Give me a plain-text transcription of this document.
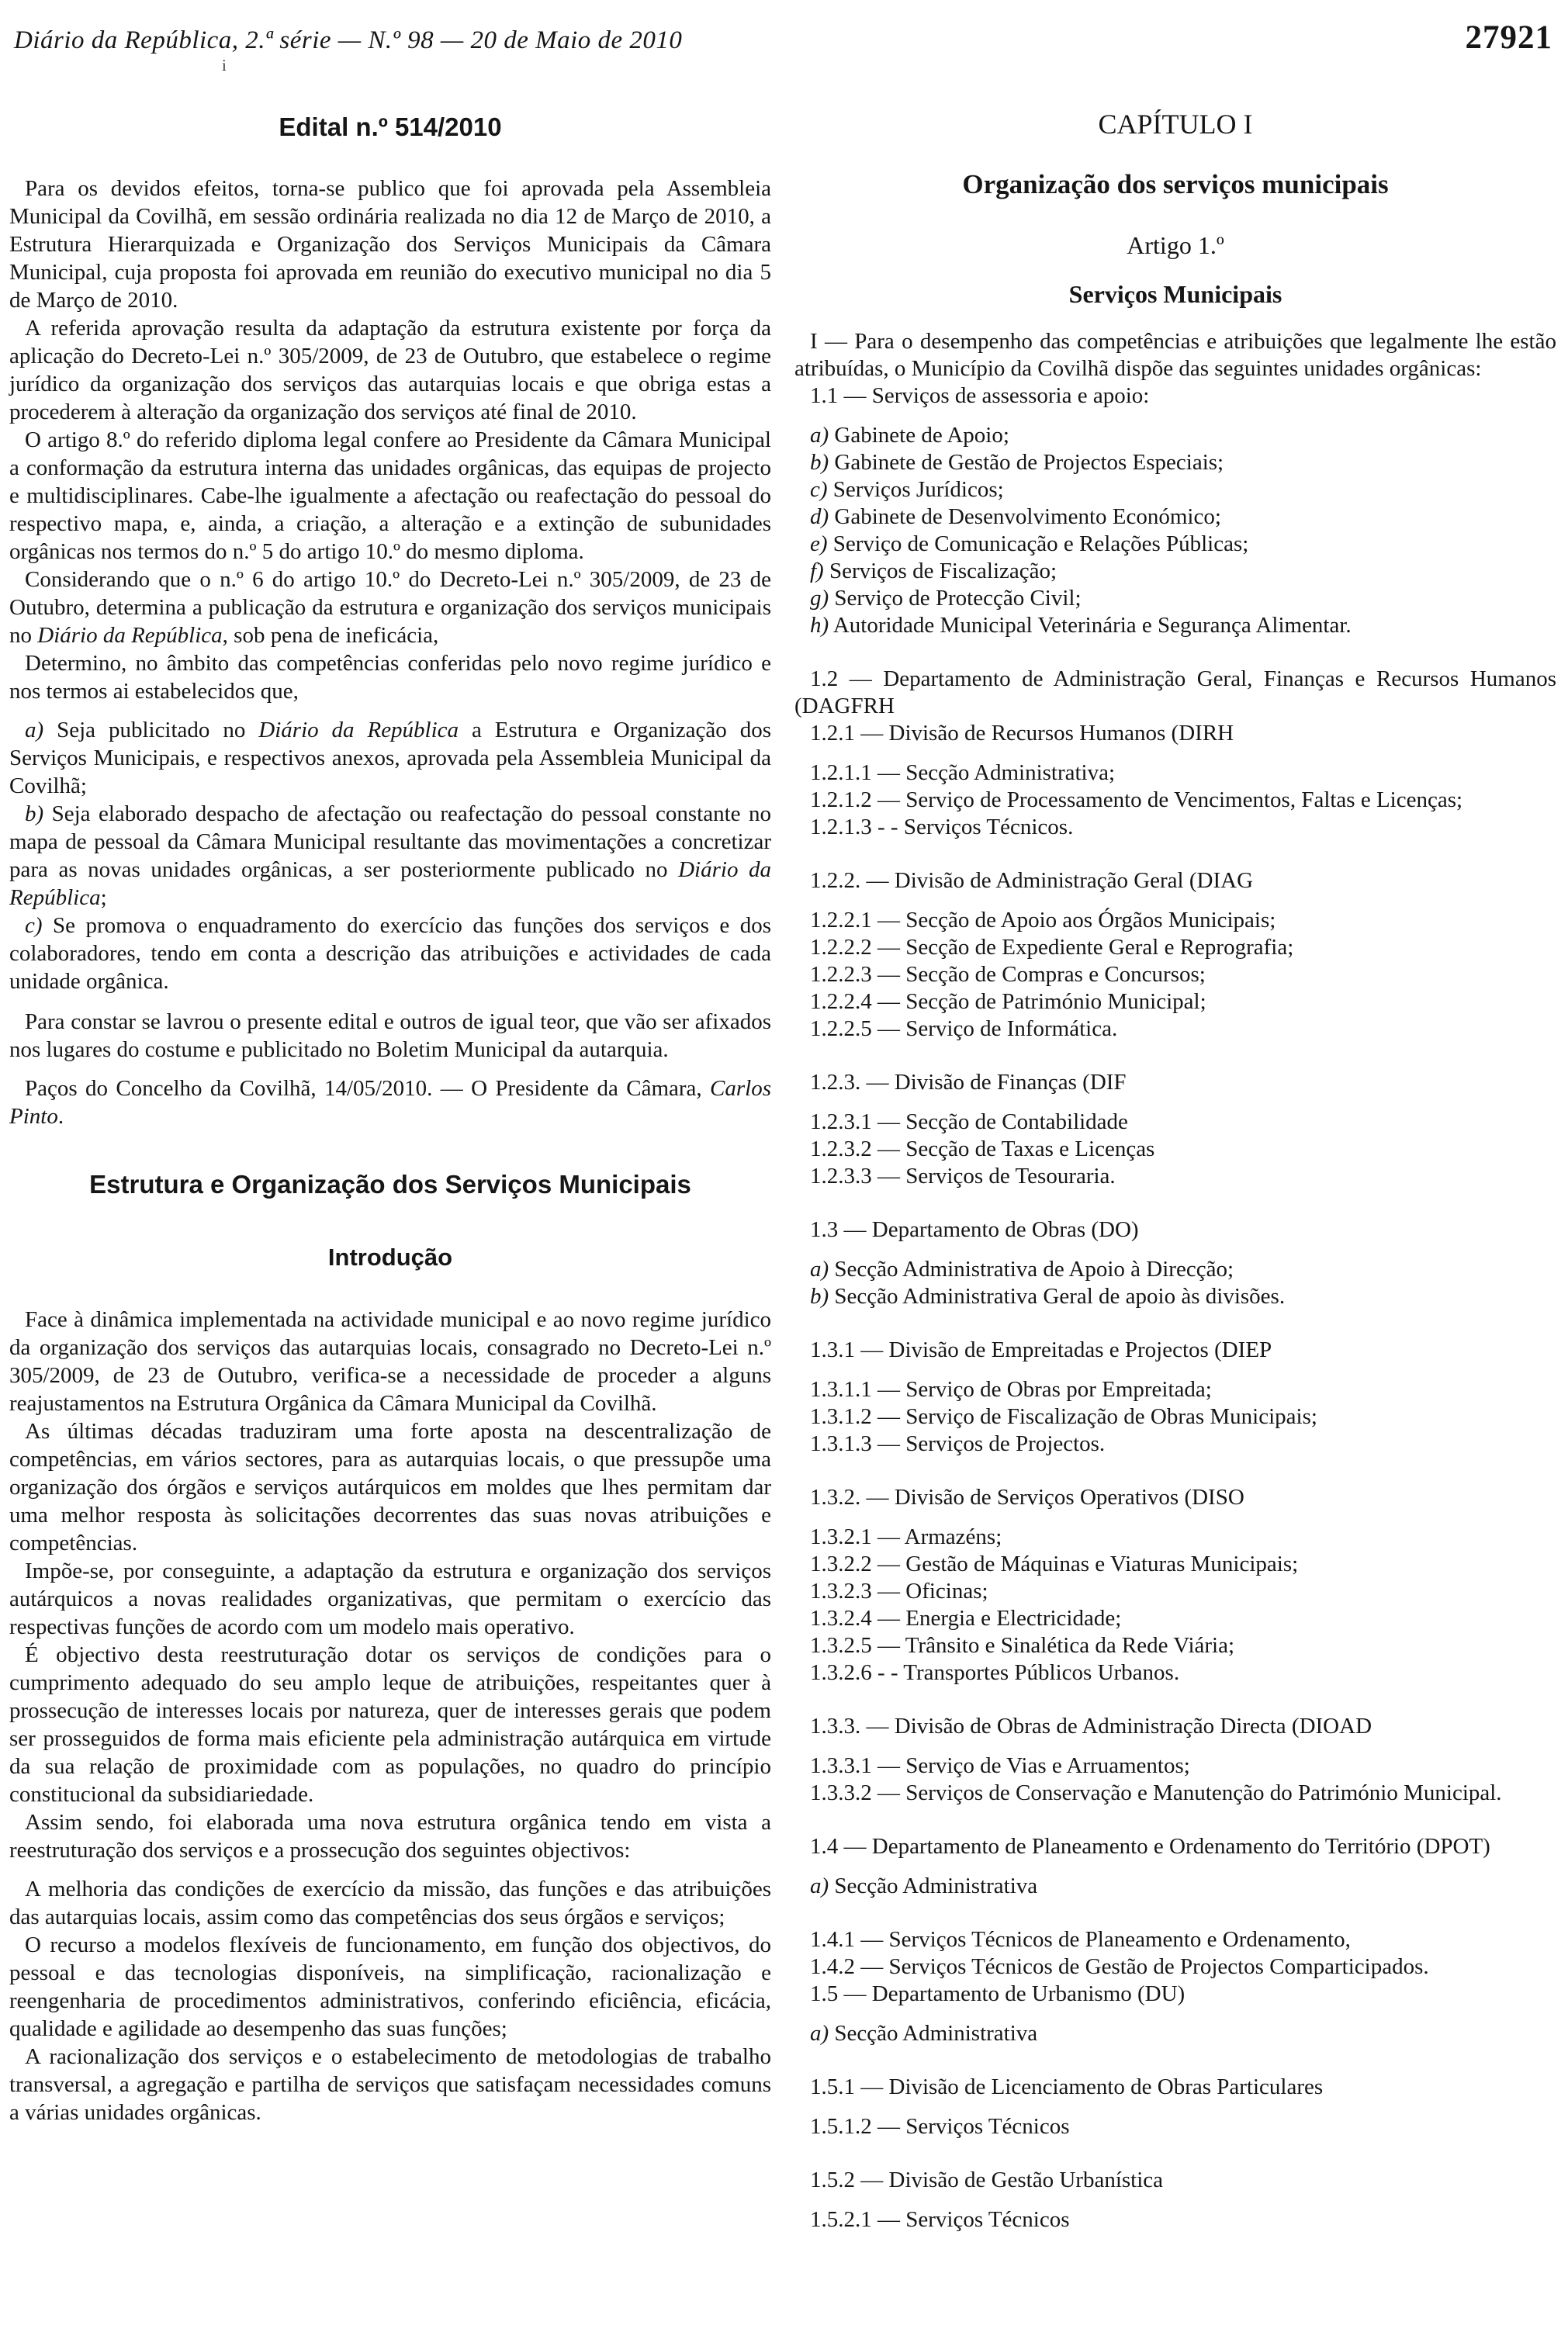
Diário da República, 2.ª série — N.º 98 — 20 de Maio de 2010	27921
i
Edital n.º 514/2010

Para os devidos efeitos, torna-se publico que foi aprovada pela Assembleia Municipal da Covilhã, em sessão ordinária realizada no dia 12 de Março de 2010, a Estrutura Hierarquizada e Organização dos Serviços Municipais da Câmara Municipal, cuja proposta foi aprovada em reunião do executivo municipal no dia 5 de Março de 2010.

A referida aprovação resulta da adaptação da estrutura existente por força da aplicação do Decreto-Lei n.º 305/2009, de 23 de Outubro, que estabelece o regime jurídico da organização dos serviços das autarquias locais e que obriga estas a procederem à alteração da organização dos serviços até final de 2010.

O artigo 8.º do referido diploma legal confere ao Presidente da Câmara Municipal a conformação da estrutura interna das unidades orgânicas, das equipas de projecto e multidisciplinares. Cabe-lhe igualmente a afectação ou reafectação do pessoal do respectivo mapa, e, ainda, a criação, a alteração e a extinção de subunidades orgânicas nos termos do n.º 5 do artigo 10.º do mesmo diploma.

Considerando que o n.º 6 do artigo 10.º do Decreto-Lei n.º 305/2009, de 23 de Outubro, determina a publicação da estrutura e organização dos serviços municipais no Diário da República, sob pena de ineficácia,

Determino, no âmbito das competências conferidas pelo novo regime jurídico e nos termos ai estabelecidos que,

a) Seja publicitado no Diário da República a Estrutura e Organização dos Serviços Municipais, e respectivos anexos, aprovada pela Assembleia Municipal da Covilhã;

b) Seja elaborado despacho de afectação ou reafectação do pessoal constante no mapa de pessoal da Câmara Municipal resultante das movimentações a concretizar para as novas unidades orgânicas, a ser posteriormente publicado no Diário da República;

c) Se promova o enquadramento do exercício das funções dos serviços e dos colaboradores, tendo em conta a descrição das atribuições e actividades de cada unidade orgânica.

Para constar se lavrou o presente edital e outros de igual teor, que vão ser afixados nos lugares do costume e publicitado no Boletim Municipal da autarquia.

Paços do Concelho da Covilhã, 14/05/2010. — O Presidente da Câmara, Carlos Pinto.

Estrutura e Organização dos Serviços Municipais
Introdução

Face à dinâmica implementada na actividade municipal e ao novo regime jurídico da organização dos serviços das autarquias locais, consagrado no Decreto-Lei n.º 305/2009, de 23 de Outubro, verifica-se a necessidade de proceder a alguns reajustamentos na Estrutura Orgânica da Câmara Municipal da Covilhã.

As últimas décadas traduziram uma forte aposta na descentralização de competências, em vários sectores, para as autarquias locais, o que pressupõe uma organização dos órgãos e serviços autárquicos em moldes que lhes permitam dar uma melhor resposta às solicitações decorrentes das suas novas atribuições e competências.

Impõe-se, por conseguinte, a adaptação da estrutura e organização dos serviços autárquicos a novas realidades organizativas, que permitam o exercício das respectivas funções de acordo com um modelo mais operativo.

É objectivo desta reestruturação dotar os serviços de condições para o cumprimento adequado do seu amplo leque de atribuições, respeitantes quer à prossecução de interesses locais por natureza, quer de interesses gerais que podem ser prosseguidos de forma mais eficiente pela administração autárquica em virtude da sua relação de proximidade com as populações, no quadro do princípio constitucional da subsidiariedade.

Assim sendo, foi elaborada uma nova estrutura orgânica tendo em vista a reestruturação dos serviços e a prossecução dos seguintes objectivos:

A melhoria das condições de exercício da missão, das funções e das atribuições das autarquias locais, assim como das competências dos seus órgãos e serviços;

O recurso a modelos flexíveis de funcionamento, em função dos objectivos, do pessoal e das tecnologias disponíveis, na simplificação, racionalização e reengenharia de procedimentos administrativos, conferindo eficiência, eficácia, qualidade e agilidade ao desempenho das suas funções;

A racionalização dos serviços e o estabelecimento de metodologias de trabalho transversal, a agregação e partilha de serviços que satisfaçam necessidades comuns a várias unidades orgânicas.

CAPÍTULO I

Organização dos serviços municipais

Artigo 1.º

Serviços Municipais

I — Para o desempenho das competências e atribuições que legalmente lhe estão atribuídas, o Município da Covilhã dispõe das seguintes unidades orgânicas:

1.1 — Serviços de assessoria e apoio:

a) Gabinete de Apoio;

b) Gabinete de Gestão de Projectos Especiais;

c) Serviços Jurídicos;

d) Gabinete de Desenvolvimento Económico;

e) Serviço de Comunicação e Relações Públicas;

f) Serviços de Fiscalização;

g) Serviço de Protecção Civil;

h) Autoridade Municipal Veterinária e Segurança Alimentar.

1.2 — Departamento de Administração Geral, Finanças e Recursos Humanos (DAGFRH

1.2.1 — Divisão de Recursos Humanos (DIRH

1.2.1.1 — Secção Administrativa;

1.2.1.2 — Serviço de Processamento de Vencimentos, Faltas e Licenças;

1.2.1.3 - - Serviços Técnicos.

1.2.2. — Divisão de Administração Geral (DIAG

1.2.2.1 — Secção de Apoio aos Órgãos Municipais;

1.2.2.2 — Secção de Expediente Geral e Reprografia;

1.2.2.3 — Secção de Compras e Concursos;

1.2.2.4 — Secção de Património Municipal;

1.2.2.5 — Serviço de Informática.

1.2.3. — Divisão de Finanças (DIF

1.2.3.1 — Secção de Contabilidade

1.2.3.2 — Secção de Taxas e Licenças

1.2.3.3 — Serviços de Tesouraria.

1.3 — Departamento de Obras (DO)

a) Secção Administrativa de Apoio à Direcção;

b) Secção Administrativa Geral de apoio às divisões.

1.3.1 — Divisão de Empreitadas e Projectos (DIEP

1.3.1.1 — Serviço de Obras por Empreitada;

1.3.1.2 — Serviço de Fiscalização de Obras Municipais;

1.3.1.3 — Serviços de Projectos.

1.3.2. — Divisão de Serviços Operativos (DISO

1.3.2.1 — Armazéns;

1.3.2.2 — Gestão de Máquinas e Viaturas Municipais;

1.3.2.3 — Oficinas;

1.3.2.4 — Energia e Electricidade;

1.3.2.5 — Trânsito e Sinalética da Rede Viária;

1.3.2.6 - - Transportes Públicos Urbanos.

1.3.3. — Divisão de Obras de Administração Directa (DIOAD

1.3.3.1 — Serviço de Vias e Arruamentos;

1.3.3.2 — Serviços de Conservação e Manutenção do Património Municipal.

1.4 — Departamento de Planeamento e Ordenamento do Território (DPOT)

a) Secção Administrativa

1.4.1 — Serviços Técnicos de Planeamento e Ordenamento,

1.4.2 — Serviços Técnicos de Gestão de Projectos Comparticipados.

1.5 — Departamento de Urbanismo (DU)

a) Secção Administrativa

1.5.1 — Divisão de Licenciamento de Obras Particulares

1.5.1.2 — Serviços Técnicos

1.5.2 — Divisão de Gestão Urbanística

1.5.2.1 — Serviços Técnicos
